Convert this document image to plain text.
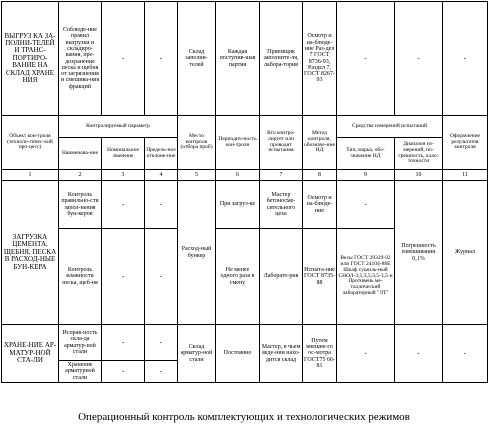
ВЫГРУЗ КА ЗА-ПОЛНИ-ТЕЛЕЙ И ТРАНС-ПОРТИРО-ВАНИЕ НА СКЛАД ХРАНЕ НИЯ	Соблюде-ние правил выгрузки и складиро-вания, пре-дохранение песка и щебня от загрязнения и смешива-ния фракций	-	-	Склад заполни-телей	Каждая поступив-шая партия	Приемщик заполните-ля, лабора-тория	Осмотр и на-блюде-ние Раз-дел 7 ГОСТ 8736-93, Раздел 7, ГОСТ 8267-93	-	-	-
Объект кон-троля (техноло-гичес-кий про-цесс)	Контролируемый параметр			Место контроля (отбора проб)	Периодич-ность кон-троля	Кто контро-лирует или проводит испытания	Метод контроля, обозначе-ние НД	Средства измерений испытаний		Оформление результатов контроля
	Наименова-ние	Номинальное значение	Предель-ное отклоне-ние					Тип, марка, обо-значение НД	Диапазон из-мерений, по-грешность, класс точности	
1	2	3	4	5	6	7	8	9	10	11
ЗАГРУЗКА ЦЕМЕНТА, ЩЕБНЯ, ПЕСКА В РАСХОД-НЫЕ БУН-КЕРА	Контроль правильно-сти запол-нения бун-керов	-	-	Расход-ный бункер	При загруз-ке	Мастер бетоносме-сительного цеха	Осмотр и на-блюде-ние	-	Погрешность взвешивания 0,1%	Журнал
	Контроль влажности песка, щеб-ня	-	-		Не менее одного раза в смену	Лаборато-рия	Испыта-ние ГОСТ 8735-88	Весы ГОСТ 29329-92 или ГОСТ 24104-88Е Шкаф сушиль-ный СНОЛ-3,5;3,5;3,5-3,5-и Противень ме-таллический лабораторный "ЛТ"		
ХРАНЕ-НИЕ АР-МАТУР-НОЙ СТА-ЛИ	Исправ-ность скла-да арматур-ной стали	-	-	Склад арматур-ной стали	Постоянно	Мастер, в чьем веде-нии нахо-дится склад	Путем внешне-го ос-мотра ГОСТ75 66-81	-	-	-
	Хранение арматурной стали	-	-							
Операционный контроль комплектующих и технологических режимов
